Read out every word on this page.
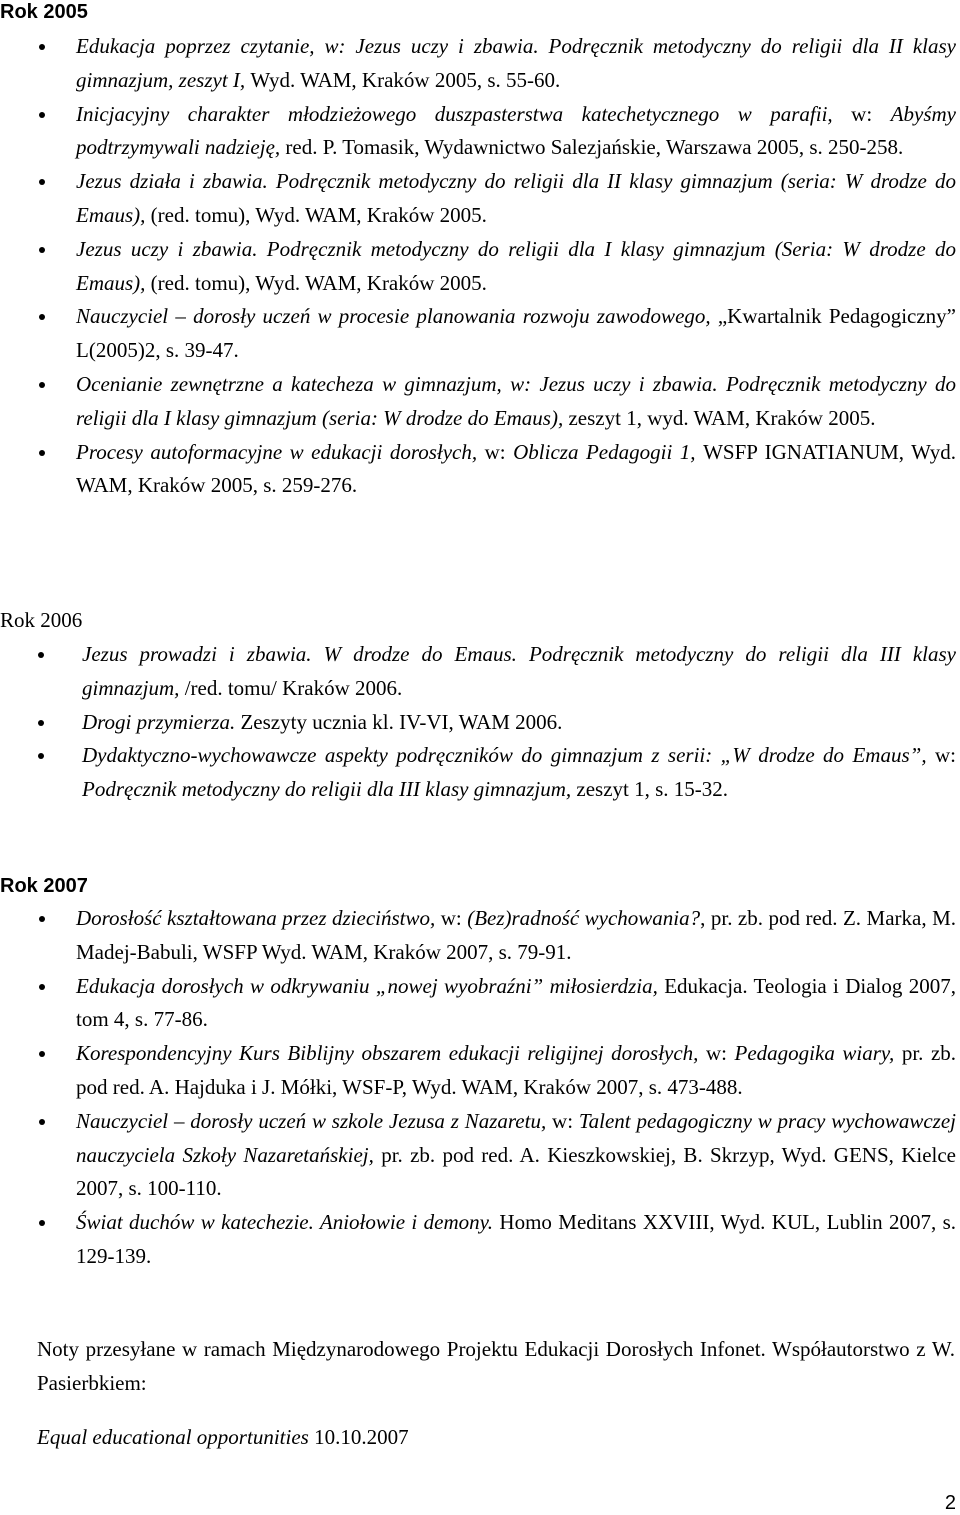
Rok 2005
Edukacja poprzez czytanie, w: Jezus uczy i zbawia. Podręcznik metodyczny do religii dla II klasy gimnazjum, zeszyt I, Wyd. WAM, Kraków 2005, s. 55-60.
Inicjacyjny charakter młodzieżowego duszpasterstwa katechetycznego w parafii, w: Abyśmy podtrzymywali nadzieję, red. P. Tomasik, Wydawnictwo Salezjańskie, Warszawa 2005, s. 250-258.
Jezus działa i zbawia. Podręcznik metodyczny do religii dla II klasy gimnazjum (seria: W drodze do Emaus), (red. tomu), Wyd. WAM, Kraków 2005.
Jezus uczy i zbawia. Podręcznik metodyczny do religii dla I klasy gimnazjum (Seria: W drodze do Emaus), (red. tomu), Wyd. WAM, Kraków 2005.
Nauczyciel – dorosły uczeń w procesie planowania rozwoju zawodowego, „Kwartalnik Pedagogiczny” L(2005)2, s. 39-47.
Ocenianie zewnętrzne a katecheza w gimnazjum, w: Jezus uczy i zbawia. Podręcznik metodyczny do religii dla I klasy gimnazjum (seria: W drodze do Emaus), zeszyt 1, wyd. WAM, Kraków 2005.
Procesy autoformacyjne w edukacji dorosłych, w: Oblicza Pedagogii 1, WSFP IGNATIANUM, Wyd. WAM, Kraków 2005, s. 259-276.
Rok 2006
Jezus prowadzi i zbawia. W drodze do Emaus. Podręcznik metodyczny do religii dla III klasy gimnazjum, /red. tomu/ Kraków 2006.
Drogi przymierza. Zeszyty ucznia kl. IV-VI, WAM 2006.
Dydaktyczno-wychowawcze aspekty podręczników do gimnazjum z serii: „W drodze do Emaus”, w: Podręcznik metodyczny do religii dla III klasy gimnazjum, zeszyt 1, s. 15-32.
Rok 2007
Dorosłość kształtowana przez dzieciństwo, w: (Bez)radność wychowania?, pr. zb. pod red. Z. Marka, M. Madej-Babuli, WSFP Wyd. WAM, Kraków 2007, s. 79-91.
Edukacja dorosłych w odkrywaniu „nowej wyobraźni” miłosierdzia, Edukacja. Teologia i Dialog 2007, tom 4, s. 77-86.
Korespondencyjny Kurs Biblijny obszarem edukacji religijnej dorosłych, w: Pedagogika wiary, pr. zb. pod red. A. Hajduka i J. Mółki, WSF-P, Wyd. WAM, Kraków 2007, s. 473-488.
Nauczyciel – dorosły uczeń w szkole Jezusa z Nazaretu, w: Talent pedagogiczny w pracy wychowawczej nauczyciela Szkoły Nazaretańskiej, pr. zb. pod red. A. Kieszkowskiej, B. Skrzyp, Wyd. GENS, Kielce 2007, s. 100-110.
Świat duchów w katechezie. Aniołowie i demony. Homo Meditans XXVIII, Wyd. KUL, Lublin 2007, s. 129-139.
Noty przesyłane w ramach Międzynarodowego Projektu Edukacji Dorosłych Infonet. Współautorstwo z W. Pasierbkiem:
Equal educational opportunities 10.10.2007
2
